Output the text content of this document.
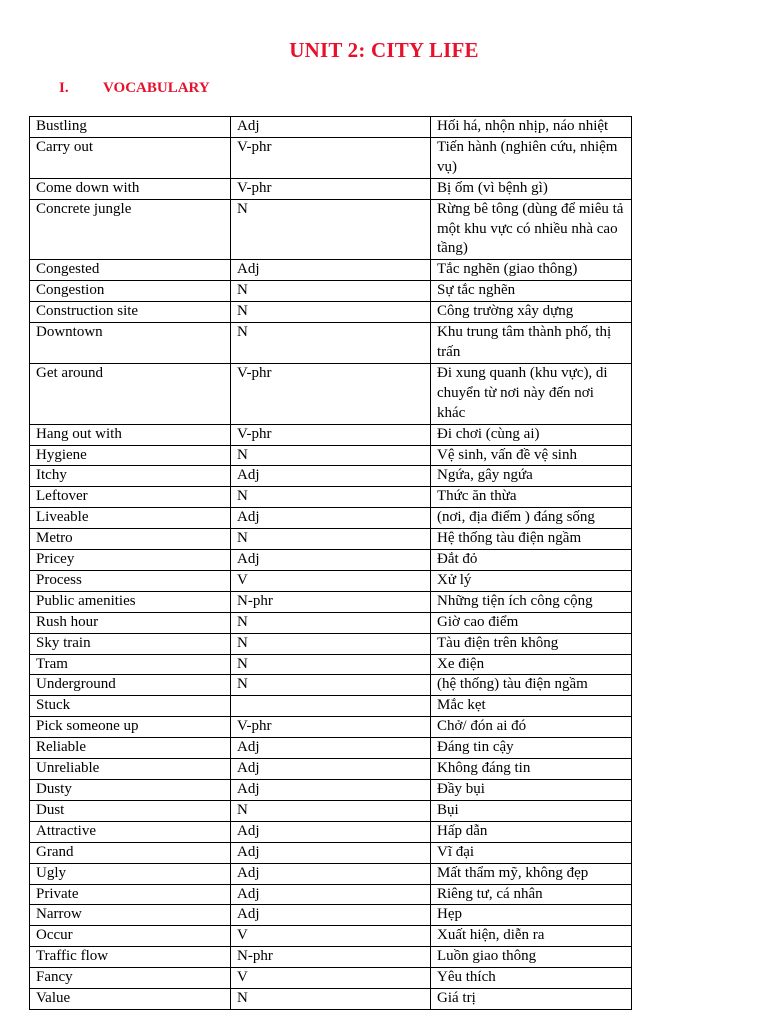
UNIT 2: CITY LIFE
I. VOCABULARY
Bustling	Adj	Hối há, nhộn nhịp, náo nhiệt
Carry out	V-phr	Tiến hành (nghiên cứu, nhiệm vụ)
Come down with	V-phr	Bị ốm (vì bệnh gì)
Concrete jungle	N	Rừng bê tông (dùng để miêu tả một khu vực có nhiều nhà cao tầng)
Congested	Adj	Tắc nghẽn (giao thông)
Congestion	N	Sự tắc nghẽn
Construction site	N	Công trường xây dựng
Downtown	N	Khu trung tâm thành phố, thị trấn
Get around	V-phr	Đi xung quanh (khu vực), di chuyển từ nơi này đến nơi khác
Hang out with	V-phr	Đi chơi (cùng ai)
Hygiene	N	Vệ sinh, vấn đề vệ sinh
Itchy	Adj	Ngứa, gây ngứa
Leftover	N	Thức ăn thừa
Liveable	Adj	(nơi, địa điểm ) đáng sống
Metro	N	Hệ thống tàu điện ngầm
Pricey	Adj	Đắt đỏ
Process	V	Xử lý
Public amenities	N-phr	Những tiện ích công cộng
Rush hour	N	Giờ cao điểm
Sky train	N	Tàu điện trên không
Tram	N	Xe điện
Underground	N	(hệ thống) tàu điện ngầm
Stuck		Mắc kẹt
Pick someone up	V-phr	Chở/ đón ai đó
Reliable	Adj	Đáng tin cậy
Unreliable	Adj	Không đáng tin
Dusty	Adj	Đầy bụi
Dust	N	Bụi
Attractive	Adj	Hấp dẫn
Grand	Adj	Vĩ đại
Ugly	Adj	Mất thẩm mỹ, không đẹp
Private	Adj	Riêng tư, cá nhân
Narrow	Adj	Hẹp
Occur	V	Xuất hiện, diễn ra
Traffic flow	N-phr	Luồn giao thông
Fancy	V	Yêu thích
Value	N	Giá trị
